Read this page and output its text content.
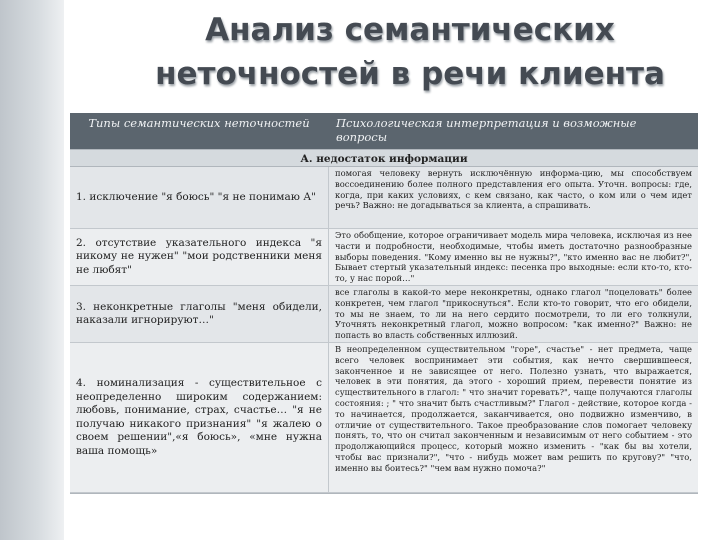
Анализ семантических
неточностей в речи клиента
Типы семантических неточностей	Психологическая интерпретация и возможные вопросы
А. недостаток информации
1. исключение "я боюсь" "я не понимаю А"
помогая человеку вернуть исключённую информа-цию, мы способствуем воссоединению более полного представления его опыта. Уточн. вопросы: где, когда, при каких условиях, с кем связано, как часто, о ком или о чем идет речь? Важно: не догадываться за клиента, а спрашивать.
2. отсутствие указательного индекса "я никому не нужен" "мои родственники меня не любят"
Это обобщение, которое ограничивает модель мира человека, исключая из нее части и подробности, необходимые, чтобы иметь достаточно разнообразные выборы поведения. "Кому именно вы не нужны?", "кто именно вас не любит?", Бывает стертый указательный индекс: песенка про выходные: если кто-то, кто-то, у нас порой…"
3. неконкретные глаголы "меня обидели, наказали игнорируют…"
все глаголы в какой-то мере неконкретны, однако глагол "поцеловать" более конкретен, чем глагол "прикоснуться". Если кто-то говорит, что его обидели, то мы не знаем, то ли на него сердито посмотрели, то ли его толкнули, Уточнять неконкретный глагол, можно вопросом: "как именно?" Важно: не попасть во власть собственных иллюзий.
4. номинализация - существительное с неопределенно широким содержанием: любовь, понимание, страх, счастье… "я не получаю никакого признания" "я жалею о своем решении",«я боюсь», «мне нужна ваша помощь»
В неопределенном существительном "горе", счастье" - нет предмета, чаще всего человек воспринимает эти события, как нечто свершившееся, законченное и не зависящее от него. Полезно узнать, что выражается, человек в эти понятия, да этого - хороший прием, перевести понятие из существительного в глагол: " что значит горевать?", чаще получаются глаголы состояния: ; " что значит быть счастливым?" Глагол - действие, которое когда - то начинается, продолжается, заканчивается, оно подвижно изменчиво, в отличие от существительного. Такое преобразование слов помогает человеку понять, то, что он считал законченным и независимым от него событием - это продолжающийся процесс, который можно изменить - "как бы вы хотели, чтобы вас признали?", "что - нибудь может вам решить по кругову?" "что, именно вы боитесь?" "чем вам нужно помоча?"
